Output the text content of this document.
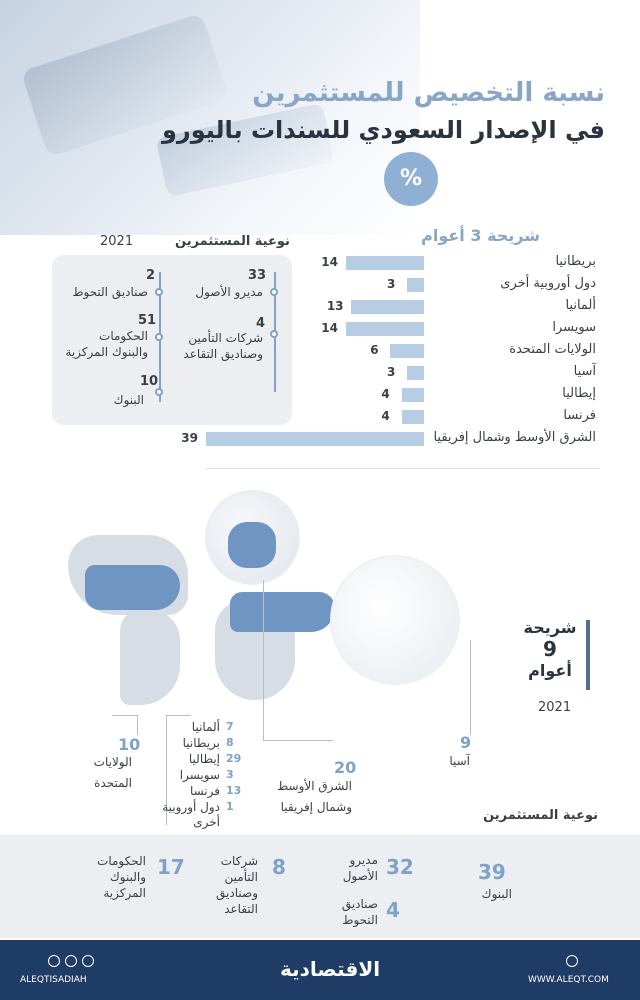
نسبة التخصيص للمستثمرين
في الإصدار السعودي للسندات باليورو
%
شريحة 3 أعوام
14	بريطانيا
3	دول أوروبية أخرى
13	ألمانيا
14	سويسرا
6	الولايات المتحدة
3	آسيا
4	إيطاليا
4	فرنسا
39	الشرق الأوسط وشمال إفريقيا
نوعية المستثمرين
2021
33
مديرو الأصول
4
شركات التأمين
وصناديق التقاعد
2
صناديق التحوط
51
الحكومات
والبنوك المركزية
10
البنوك
شريحة
9
أعوام
2021
10
الولايات
المتحدة
7
ألمانيا
8
بريطانيا
29
إيطاليا
3
سويسرا
13
فرنسا
1
دول أوروبية
أخرى
20
الشرق الأوسط
وشمال إفريقيا
9
آسيا
نوعية المستثمرين
39
البنوك
32
مديرو
الأصول
4
صناديق
التحوط
8
شركات
التأمين
وصناديق
التقاعد
17
الحكومات
والبنوك
المركزية
الاقتصادية
ALEQTISADIAH	WWW.ALEQT.COM
